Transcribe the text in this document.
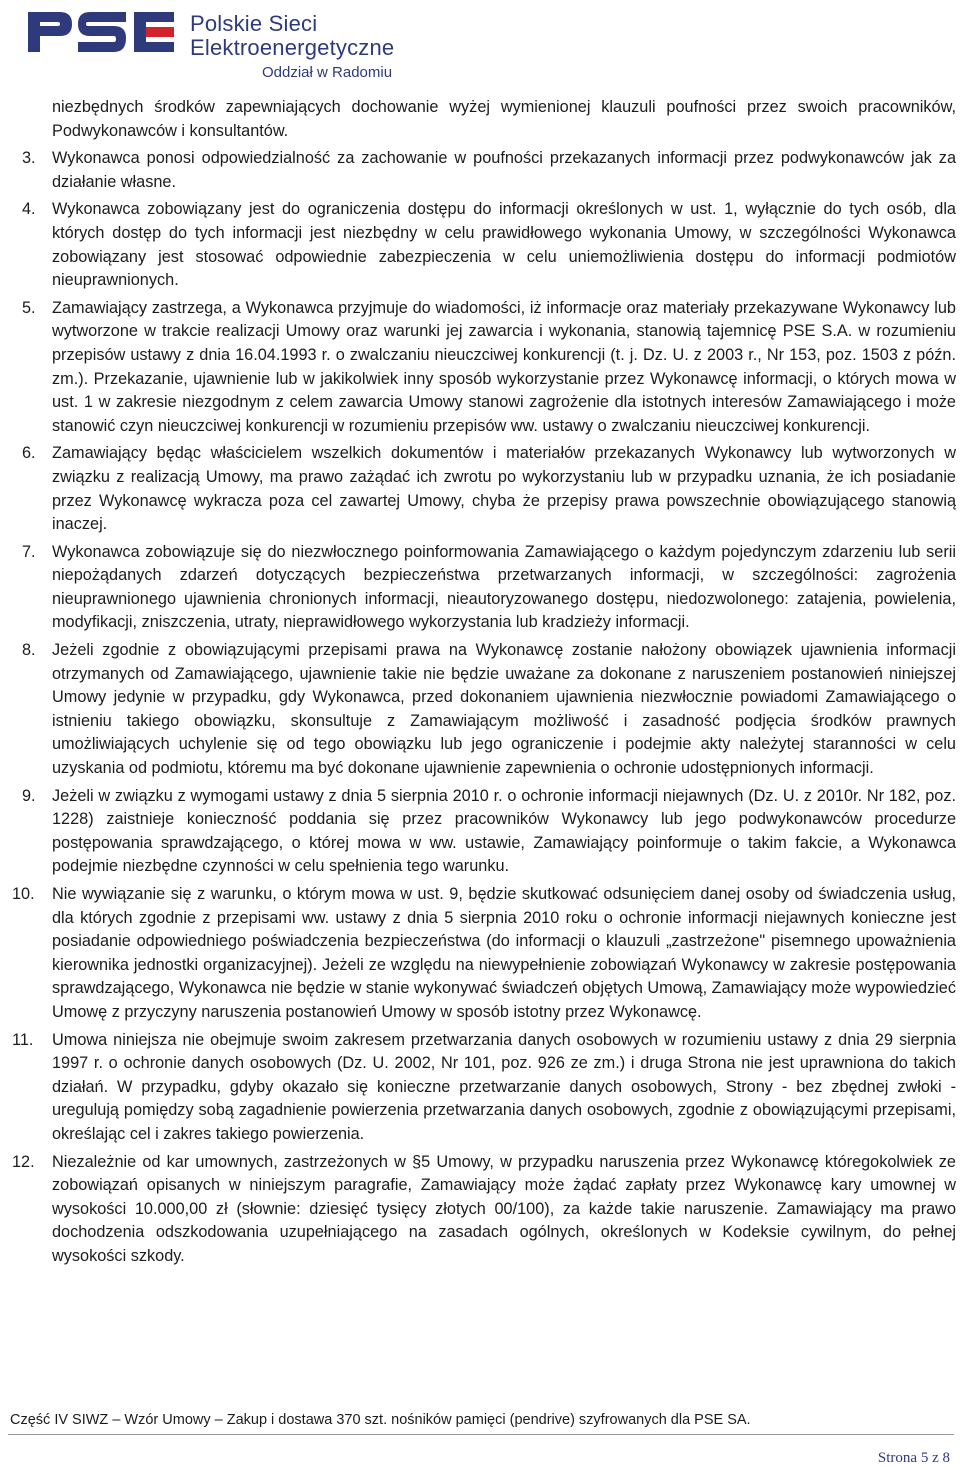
Polskie Sieci
Elektroenergetyczne
Oddział w Radomiu

niezbędnych środków zapewniających dochowanie wyżej wymienionej klauzuli poufności przez swoich pracowników, Podwykonawców i konsultantów.

3.	Wykonawca ponosi odpowiedzialność za zachowanie w poufności przekazanych informacji przez podwykonawców jak za działanie własne.

4.	Wykonawca zobowiązany jest do ograniczenia dostępu do informacji określonych w ust. 1, wyłącznie do tych osób, dla których dostęp do tych informacji jest niezbędny w celu prawidłowego wykonania Umowy, w szczególności Wykonawca zobowiązany jest stosować odpowiednie zabezpieczenia w celu uniemożliwienia dostępu do informacji podmiotów nieuprawnionych.

5.	Zamawiający zastrzega, a Wykonawca przyjmuje do wiadomości, iż informacje oraz materiały przekazywane Wykonawcy lub wytworzone w trakcie realizacji Umowy oraz warunki jej zawarcia i wykonania, stanowią tajemnicę PSE S.A. w rozumieniu przepisów ustawy z dnia 16.04.1993 r. o zwalczaniu nieuczciwej konkurencji (t. j. Dz. U. z 2003 r., Nr 153, poz. 1503 z późn. zm.). Przekazanie, ujawnienie lub w jakikolwiek inny sposób wykorzystanie przez Wykonawcę informacji, o których mowa w ust. 1 w zakresie niezgodnym z celem zawarcia Umowy stanowi zagrożenie dla istotnych interesów Zamawiającego i może stanowić czyn nieuczciwej konkurencji w rozumieniu przepisów ww. ustawy o zwalczaniu nieuczciwej konkurencji.

6.	Zamawiający będąc właścicielem wszelkich dokumentów i materiałów przekazanych Wykonawcy lub wytworzonych w związku z realizacją Umowy, ma prawo zażądać ich zwrotu po wykorzystaniu lub w przypadku uznania, że ich posiadanie przez Wykonawcę wykracza poza cel zawartej Umowy, chyba że przepisy prawa powszechnie obowiązującego stanowią inaczej.

7.	Wykonawca zobowiązuje się do niezwłocznego poinformowania Zamawiającego o każdym pojedynczym zdarzeniu lub serii niepożądanych zdarzeń dotyczących bezpieczeństwa przetwarzanych informacji, w szczególności: zagrożenia nieuprawnionego ujawnienia chronionych informacji, nieautoryzowanego dostępu, niedozwolonego: zatajenia, powielenia, modyfikacji, zniszczenia, utraty, nieprawidłowego wykorzystania lub kradzieży informacji.

8.	Jeżeli zgodnie z obowiązującymi przepisami prawa na Wykonawcę zostanie nałożony obowiązek ujawnienia informacji otrzymanych od Zamawiającego, ujawnienie takie nie będzie uważane za dokonane z naruszeniem postanowień niniejszej Umowy jedynie w przypadku, gdy Wykonawca, przed dokonaniem ujawnienia niezwłocznie powiadomi Zamawiającego o istnieniu takiego obowiązku, skonsultuje z Zamawiającym możliwość i zasadność podjęcia środków prawnych umożliwiających uchylenie się od tego obowiązku lub jego ograniczenie i podejmie akty należytej staranności w celu uzyskania od podmiotu, któremu ma być dokonane ujawnienie zapewnienia o ochronie udostępnionych informacji.

9.	Jeżeli w związku z wymogami ustawy z dnia 5 sierpnia 2010 r. o ochronie informacji niejawnych (Dz. U. z 2010r. Nr 182, poz. 1228) zaistnieje konieczność poddania się przez pracowników Wykonawcy lub jego podwykonawców procedurze postępowania sprawdzającego, o której mowa w ww. ustawie, Zamawiający poinformuje o takim fakcie, a Wykonawca podejmie niezbędne czynności w celu spełnienia tego warunku.

10.	Nie wywiązanie się z warunku, o którym mowa w ust. 9, będzie skutkować odsunięciem danej osoby od świadczenia usług, dla których zgodnie z przepisami ww. ustawy z dnia 5 sierpnia 2010 roku o ochronie informacji niejawnych konieczne jest posiadanie odpowiedniego poświadczenia bezpieczeństwa (do informacji o klauzuli „zastrzeżone" pisemnego upoważnienia kierownika jednostki organizacyjnej). Jeżeli ze względu na niewypełnienie zobowiązań Wykonawcy w zakresie postępowania sprawdzającego, Wykonawca nie będzie w stanie wykonywać świadczeń objętych Umową, Zamawiający może wypowiedzieć Umowę z przyczyny naruszenia postanowień Umowy w sposób istotny przez Wykonawcę.

11.	Umowa niniejsza nie obejmuje swoim zakresem przetwarzania danych osobowych w rozumieniu ustawy z dnia 29 sierpnia 1997 r. o ochronie danych osobowych (Dz. U. 2002, Nr 101, poz. 926 ze zm.) i druga Strona nie jest uprawniona do takich działań. W przypadku, gdyby okazało się konieczne przetwarzanie danych osobowych, Strony - bez zbędnej zwłoki - uregulują pomiędzy sobą zagadnienie powierzenia przetwarzania danych osobowych, zgodnie z obowiązującymi przepisami, określając cel i zakres takiego powierzenia.

12.	Niezależnie od kar umownych, zastrzeżonych w §5 Umowy, w przypadku naruszenia przez Wykonawcę któregokolwiek ze zobowiązań opisanych w niniejszym paragrafie, Zamawiający może żądać zapłaty przez Wykonawcę kary umownej w wysokości 10.000,00 zł (słownie: dziesięć tysięcy złotych 00/100), za każde takie naruszenie. Zamawiający ma prawo dochodzenia odszkodowania uzupełniającego na zasadach ogólnych, określonych w Kodeksie cywilnym, do pełnej wysokości szkody.

Część IV SIWZ – Wzór Umowy – Zakup i dostawa 370 szt. nośników pamięci (pendrive) szyfrowanych dla PSE SA.
Strona 5 z 8
